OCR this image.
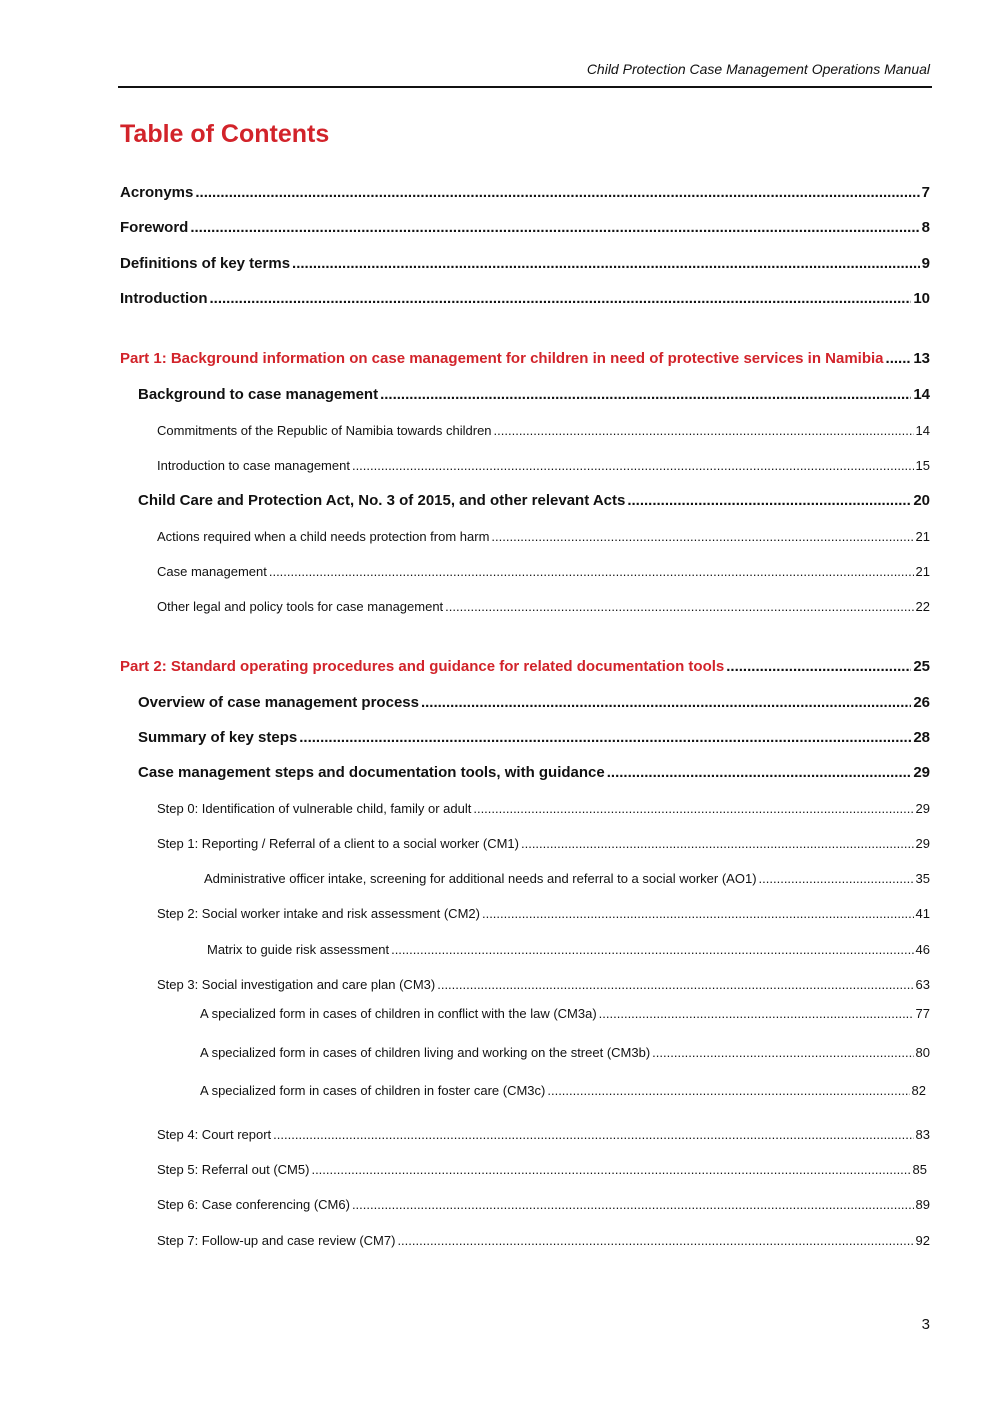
Child Protection Case Management Operations Manual
Table of Contents
Acronyms .....	7
Foreword .....	8
Definitions of key terms .....	9
Introduction .....	10
Part 1: Background information on case management for children in need of protective services in Namibia ..... 13
Background to case management .....	14
Commitments of the Republic of Namibia towards children .....	14
Introduction to case management .....	15
Child Care and Protection Act, No. 3 of 2015, and other relevant Acts .....	20
Actions required when a child needs protection from harm .....	21
Case management .....	21
Other legal and policy tools for case management .....	22
Part 2: Standard operating procedures and guidance for related documentation tools .....	25
Overview of case management process .....	26
Summary of key steps .....	28
Case management steps and documentation tools, with guidance .....	29
Step 0: Identification of vulnerable child, family or adult .....	29
Step 1: Reporting / Referral of a client to a social worker (CM1) .....	29
Administrative officer intake, screening for additional needs and referral to a social worker (AO1) .....	35
Step 2: Social worker intake and risk assessment (CM2) .....	41
Matrix to guide risk assessment .....	46
Step 3: Social investigation and care plan (CM3) .....	63
A specialized form in cases of children in conflict with the law (CM3a) .....	77
A specialized form in cases of children living and working on the street (CM3b) .....	80
A specialized form in cases of children in foster care (CM3c) .....	82
Step 4: Court report .....	83
Step 5: Referral out (CM5) .....	85
Step 6: Case conferencing (CM6) .....	89
Step 7: Follow-up and case review (CM7) .....	92
3
